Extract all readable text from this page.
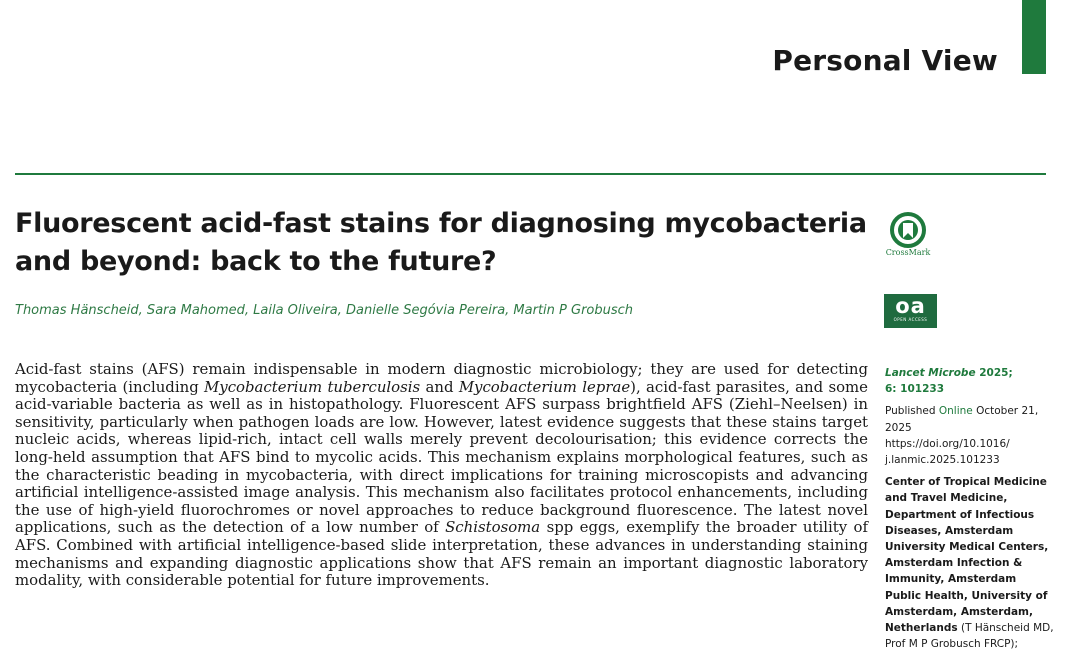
Personal View
Fluorescent acid-fast stains for diagnosing mycobacteria and beyond: back to the future?
Thomas Hänscheid, Sara Mahomed, Laila Oliveira, Danielle Segóvia Pereira, Martin P Grobusch
CrossMark
oa
OPEN ACCESS

Acid-fast stains (AFS) remain indispensable in modern diagnostic microbiology; they are used for detecting mycobacteria (including Mycobacterium tuberculosis and Mycobacterium leprae), acid-fast parasites, and some acid-variable bacteria as well as in histopathology. Fluorescent AFS surpass brightfield AFS (Ziehl–Neelsen) in sensitivity, particularly when pathogen loads are low. However, latest evidence suggests that these stains target nucleic acids, whereas lipid-rich, intact cell walls merely prevent decolourisation; this evidence corrects the long-held assumption that AFS bind to mycolic acids. This mechanism explains morphological features, such as the characteristic beading in mycobacteria, with direct implications for training microscopists and advancing artificial intelligence-assisted image analysis. This mechanism also facilitates protocol enhancements, including the use of high-yield fluorochromes or novel approaches to reduce background fluorescence. The latest novel applications, such as the detection of a low number of Schistosoma spp eggs, exemplify the broader utility of AFS. Combined with artificial intelligence-based slide interpretation, these advances in understanding staining mechanisms and expanding diagnostic applications show that AFS remain an important diagnostic laboratory modality, with considerable potential for future improvements.

Lancet Microbe 2025;
6: 101233
Published Online October 21, 2025
https://doi.org/10.1016/ j.lanmic.2025.101233
Center of Tropical Medicine and Travel Medicine, Department of Infectious Diseases, Amsterdam University Medical Centers, Amsterdam Infection & Immunity, Amsterdam Public Health, University of Amsterdam, Amsterdam, Netherlands (T Hänscheid MD, Prof M P Grobusch FRCP);
